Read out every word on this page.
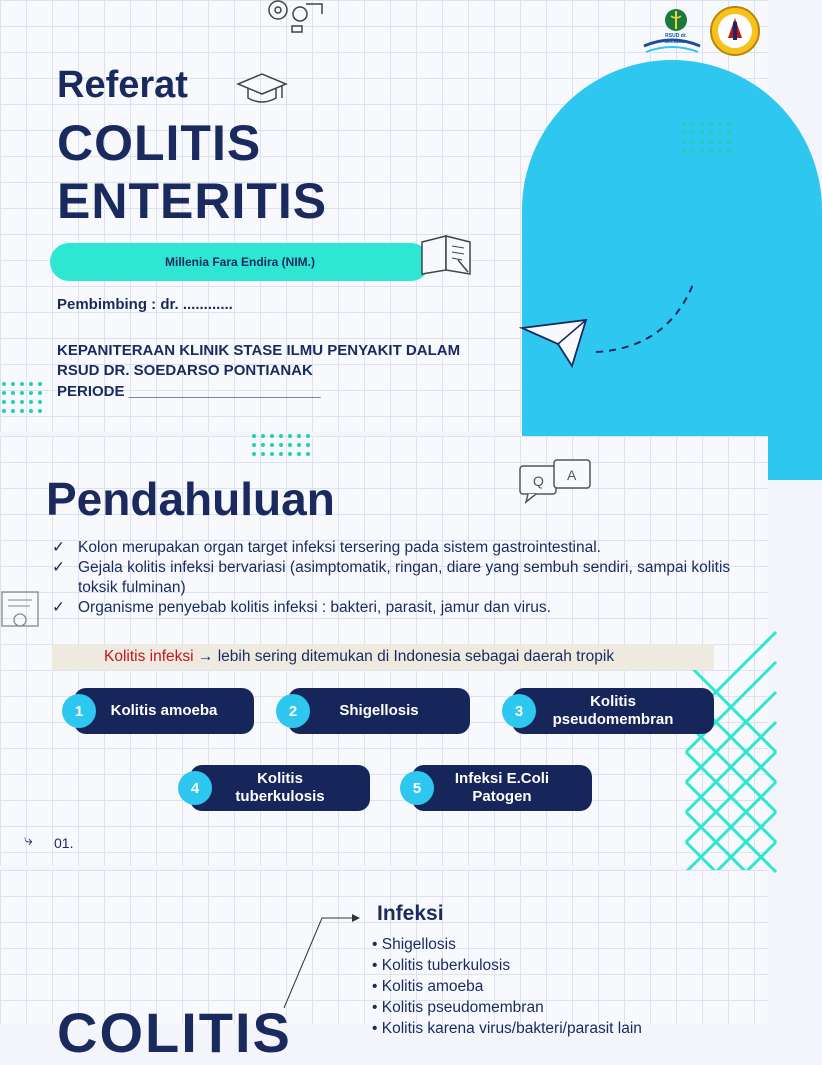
RSUD dr. Soedarso
Referat
COLITIS
ENTERITIS
Millenia Fara Endira (NIM.)
Pembimbing : dr. ............
KEPANITERAAN KLINIK STASE ILMU PENYAKIT DALAM
RSUD DR. SOEDARSO PONTIANAK
PERIODE _______________________
Q A
Pendahuluan
✓ Kolon merupakan organ target infeksi tersering pada sistem gastrointestinal.
✓ Gejala kolitis infeksi bervariasi (asimptomatik, ringan, diare yang sembuh sendiri, sampai kolitis toksik fulminan)
✓ Organisme penyebab kolitis infeksi : bakteri, parasit, jamur dan virus.
Kolitis infeksi
→ lebih sering ditemukan di Indonesia sebagai daerah tropik
Kolitis amoeba
1	Shigellosis
2
Kolitis pseudomembran
3
Kolitis tuberkulosis
4
Infeksi E.Coli Patogen
5
⤷ 01.
Infeksi
• Shigellosis
• Kolitis tuberkulosis
• Kolitis amoeba
• Kolitis pseudomembran
• Kolitis karena virus/bakteri/parasit lain
COLITIS
